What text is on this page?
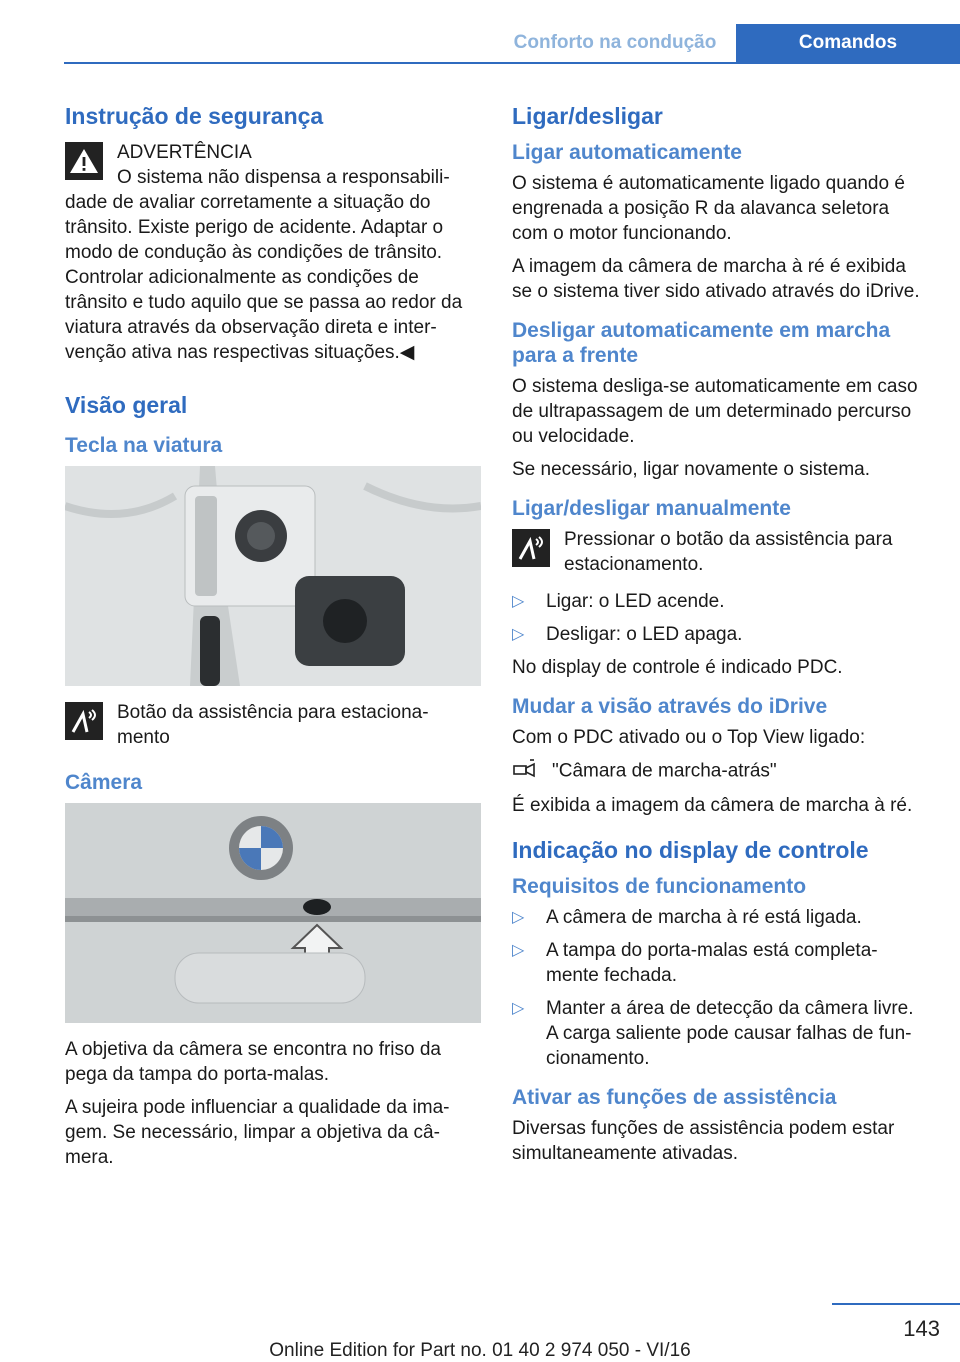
Conforto na condução	Comandos
Instrução de segurança
ADVERTÊNCIA
O sistema não dispensa a responsabili-

dade de avaliar corretamente a situação do trânsito. Existe perigo de acidente. Adaptar o modo de condução às condições de trânsito. Controlar adicionalmente as condições de trânsito e tudo aquilo que se passa ao redor da viatura através da observação direta e inter-venção ativa nas respectivas situações.◀

Visão geral
Tecla na viatura
Botão da assistência para estaciona-mento
Câmera

A objetiva da câmera se encontra no friso da pega da tampa do porta-malas.

A sujeira pode influenciar a qualidade da ima-gem. Se necessário, limpar a objetiva da câ-mera.

Ligar/desligar
Ligar automaticamente

O sistema é automaticamente ligado quando é engrenada a posição R da alavanca seletora com o motor funcionando.

A imagem da câmera de marcha à ré é exibida se o sistema tiver sido ativado através do iDrive.

Desligar automaticamente em marcha para a frente

O sistema desliga-se automaticamente em caso de ultrapassagem de um determinado percurso ou velocidade.

Se necessário, ligar novamente o sistema.

Ligar/desligar manualmente
Pressionar o botão da assistência para estacionamento.
▷ Ligar: o LED acende.
▷ Desligar: o LED apaga.

No display de controle é indicado PDC.

Mudar a visão através do iDrive

Com o PDC ativado ou o Top View ligado:

"Câmara de marcha-atrás"

É exibida a imagem da câmera de marcha à ré.

Indicação no display de controle
Requisitos de funcionamento
▷ A câmera de marcha à ré está ligada.
▷ A tampa do porta-malas está completa-mente fechada.
▷ Manter a área de detecção da câmera livre. A carga saliente pode causar falhas de fun-cionamento.
Ativar as funções de assistência

Diversas funções de assistência podem estar simultaneamente ativadas.

143
Online Edition for Part no. 01 40 2 974 050 - VI/16
